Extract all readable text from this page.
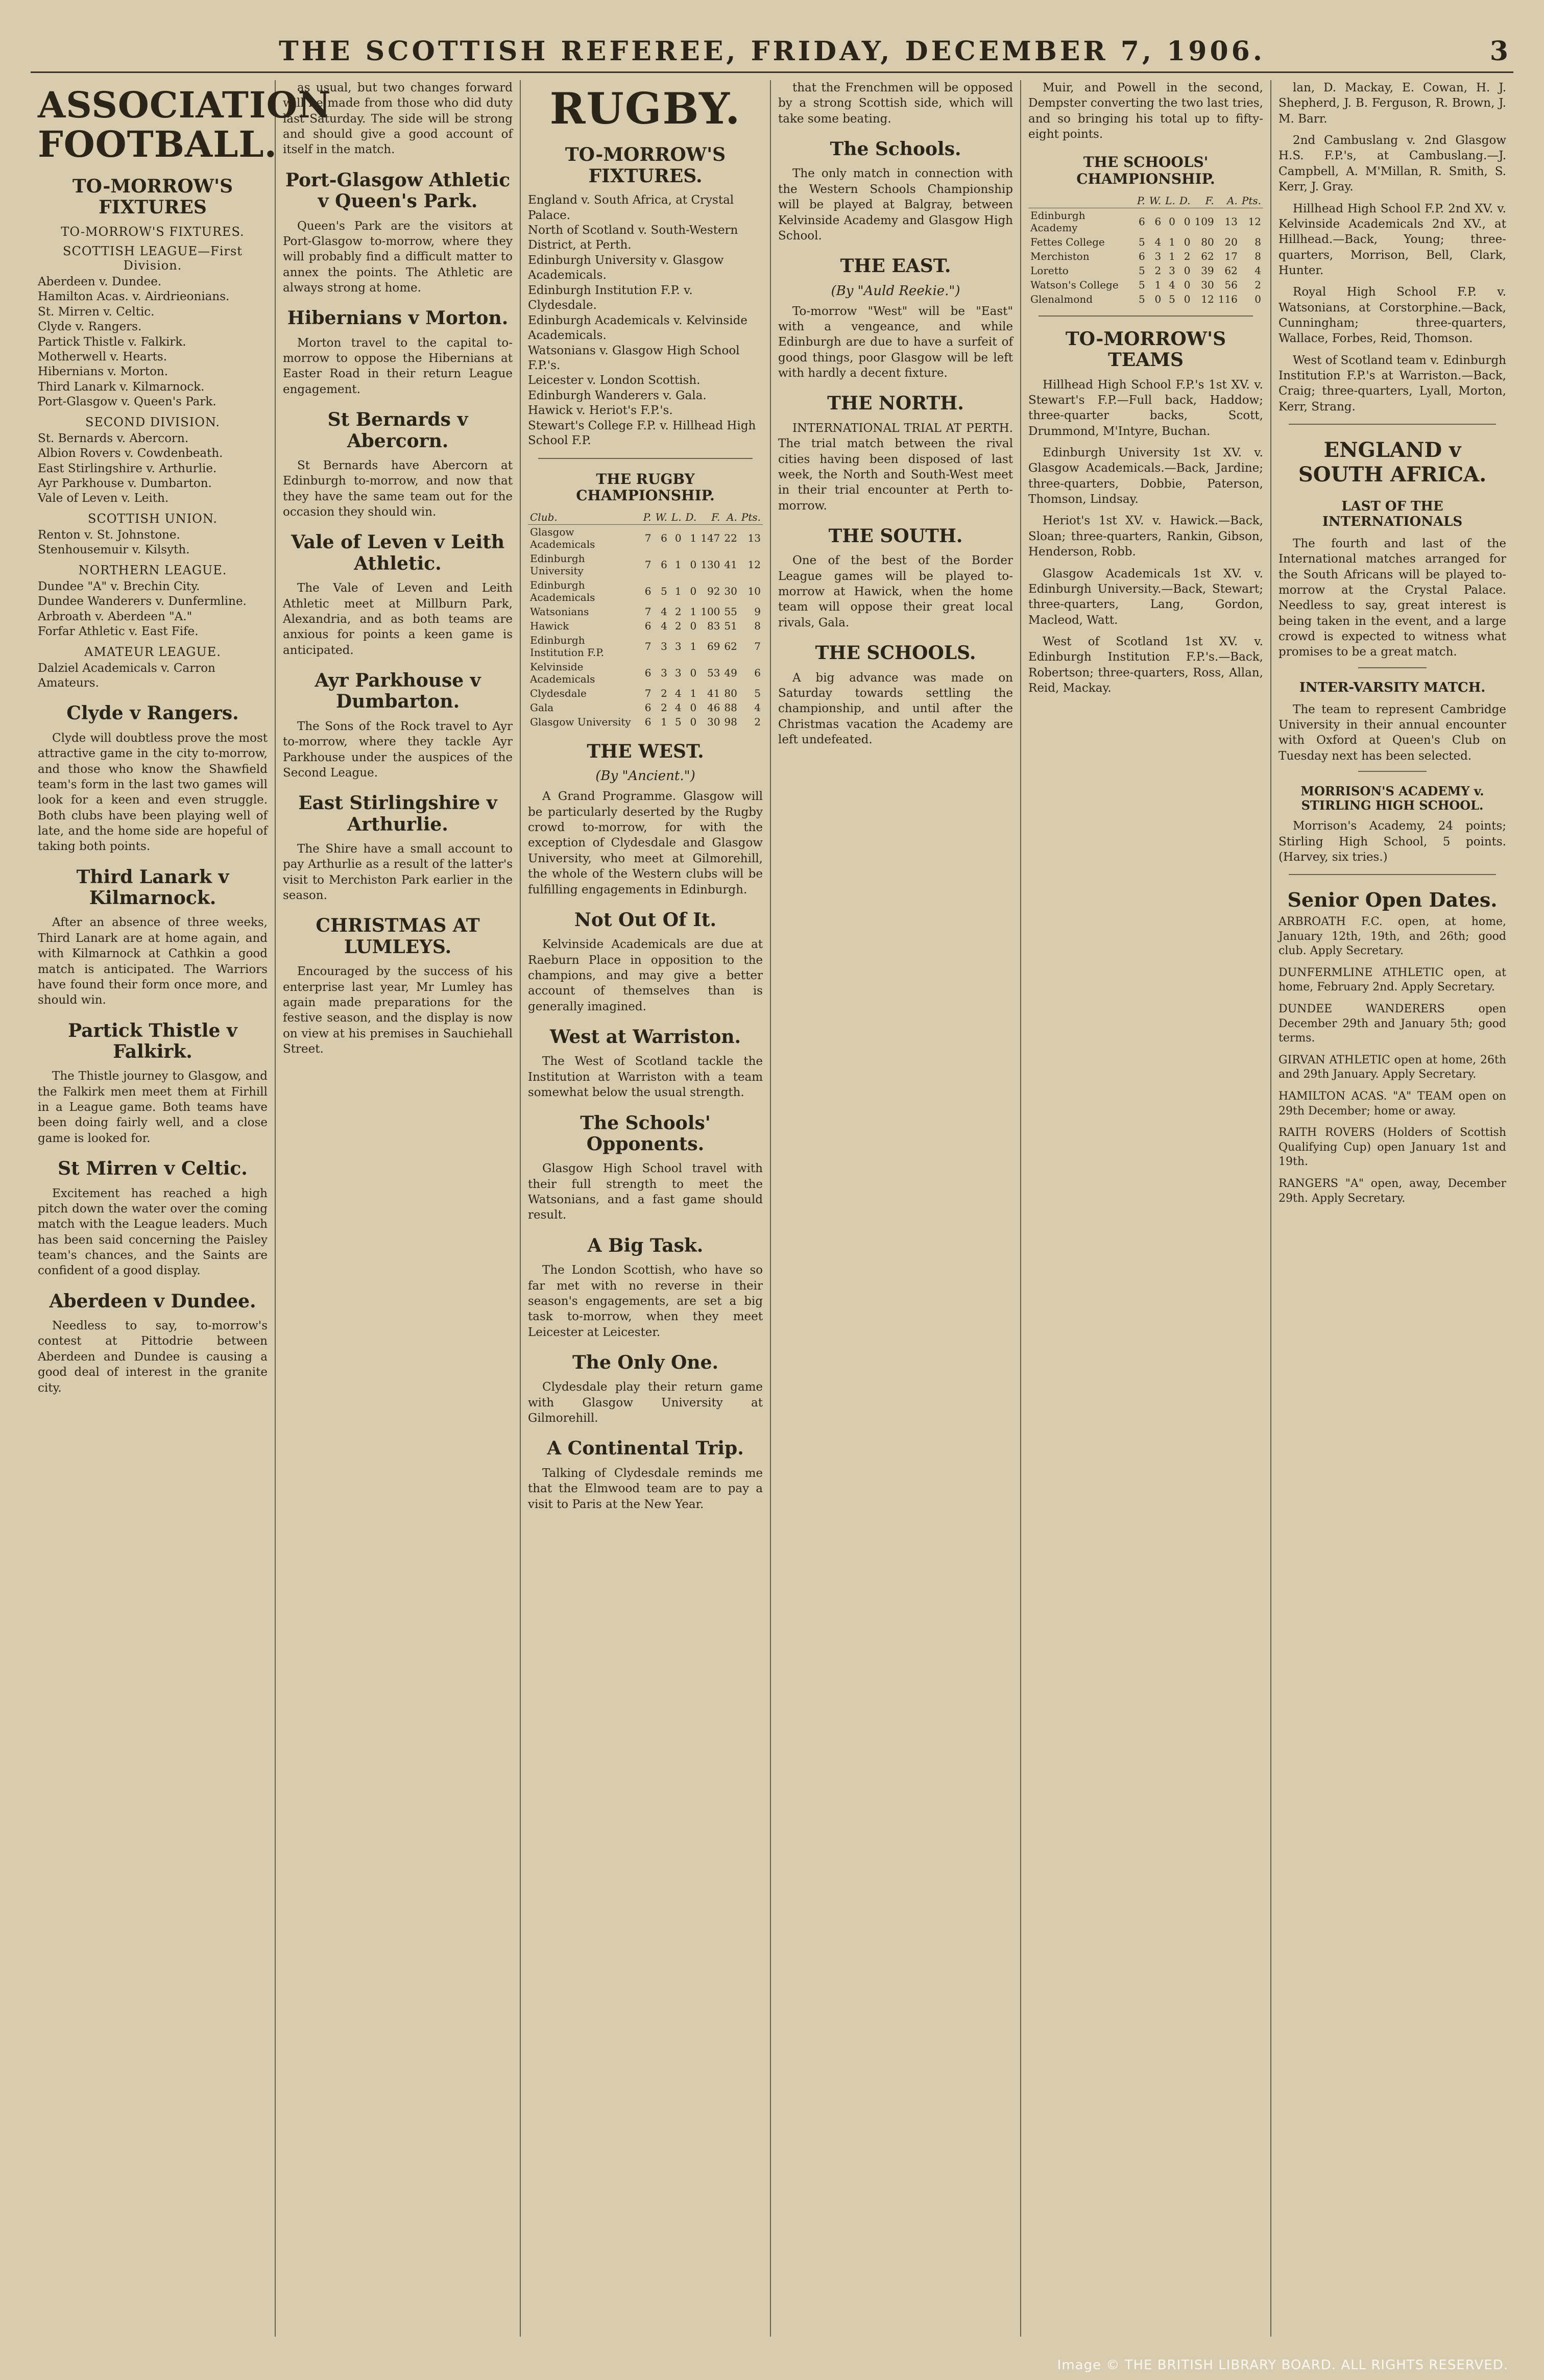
THE SCOTTISH REFEREE, FRIDAY, DECEMBER 7, 1906.	3
ASSOCIATION FOOTBALL.
TO-MORROW'S FIXTURES
TO-MORROW'S FIXTURES.
SCOTTISH LEAGUE—First Division.
Aberdeen v. Dundee.
Hamilton Acas. v. Airdrieonians.
St. Mirren v. Celtic.
Clyde v. Rangers.
Partick Thistle v. Falkirk.
Motherwell v. Hearts.
Hibernians v. Morton.
Third Lanark v. Kilmarnock.
Port-Glasgow v. Queen's Park.
SECOND DIVISION.
St. Bernards v. Abercorn.
Albion Rovers v. Cowdenbeath.
East Stirlingshire v. Arthurlie.
Ayr Parkhouse v. Dumbarton.
Vale of Leven v. Leith.
SCOTTISH UNION.
Renton v. St. Johnstone.
Stenhousemuir v. Kilsyth.
NORTHERN LEAGUE.
Dundee "A" v. Brechin City.
Dundee Wanderers v. Dunfermline.
Arbroath v. Aberdeen "A."
Forfar Athletic v. East Fife.
AMATEUR LEAGUE.
Dalziel Academicals v. Carron Amateurs.
Clyde v Rangers.

Clyde will doubtless prove the most attractive game in the city to-morrow, and those who know the Shawfield team's form in the last two games will look for a keen and even struggle. Both clubs have been playing well of late, and the home side are hopeful of taking both points.

Third Lanark v Kilmarnock.

After an absence of three weeks, Third Lanark are at home again, and with Kilmarnock at Cathkin a good match is anticipated. The Warriors have found their form once more, and should win.

Partick Thistle v Falkirk.

The Thistle journey to Glasgow, and the Falkirk men meet them at Firhill in a League game. Both teams have been doing fairly well, and a close game is looked for.

St Mirren v Celtic.

Excitement has reached a high pitch down the water over the coming match with the League leaders. Much has been said concerning the Paisley team's chances, and the Saints are confident of a good display.

Aberdeen v Dundee.

Needless to say, to-morrow's contest at Pittodrie between Aberdeen and Dundee is causing a good deal of interest in the granite city.

as usual, but two changes forward will be made from those who did duty last Saturday. The side will be strong and should give a good account of itself in the match.

Port-Glasgow Athletic v Queen's Park.

Queen's Park are the visitors at Port-Glasgow to-morrow, where they will probably find a difficult matter to annex the points. The Athletic are always strong at home.

Hibernians v Morton.

Morton travel to the capital to-morrow to oppose the Hibernians at Easter Road in their return League engagement.

St Bernards v Abercorn.

St Bernards have Abercorn at Edinburgh to-morrow, and now that they have the same team out for the occasion they should win.

Vale of Leven v Leith Athletic.

The Vale of Leven and Leith Athletic meet at Millburn Park, Alexandria, and as both teams are anxious for points a keen game is anticipated.

Ayr Parkhouse v Dumbarton.

The Sons of the Rock travel to Ayr to-morrow, where they tackle Ayr Parkhouse under the auspices of the Second League.

East Stirlingshire v Arthurlie.

The Shire have a small account to pay Arthurlie as a result of the latter's visit to Merchiston Park earlier in the season.

CHRISTMAS AT LUMLEYS.

Encouraged by the success of his enterprise last year, Mr Lumley has again made preparations for the festive season, and the display is now on view at his premises in Sauchiehall Street.

RUGBY.
TO-MORROW'S FIXTURES.
England v. South Africa, at Crystal Palace.
North of Scotland v. South-Western District, at Perth.
Edinburgh University v. Glasgow Academicals.
Edinburgh Institution F.P. v. Clydesdale.
Edinburgh Academicals v. Kelvinside Academicals.
Watsonians v. Glasgow High School F.P.'s.
Leicester v. London Scottish.
Edinburgh Wanderers v. Gala.
Hawick v. Heriot's F.P.'s.
Stewart's College F.P. v. Hillhead High School F.P.
THE RUGBY CHAMPIONSHIP.
Club.	P.	W.	L.	D.	F.	A.	Pts.
Glasgow Academicals	7	6	0	1	147	22	13
Edinburgh University	7	6	1	0	130	41	12
Edinburgh Academicals	6	5	1	0	92	30	10
Watsonians	7	4	2	1	100	55	9
Hawick	6	4	2	0	83	51	8
Edinburgh Institution F.P.	7	3	3	1	69	62	7
Kelvinside Academicals	6	3	3	0	53	49	6
Clydesdale	7	2	4	1	41	80	5
Gala	6	2	4	0	46	88	4
Glasgow University	6	1	5	0	30	98	2
THE WEST.
(By "Ancient.")

A Grand Programme. Glasgow will be particularly deserted by the Rugby crowd to-morrow, for with the exception of Clydesdale and Glasgow University, who meet at Gilmorehill, the whole of the Western clubs will be fulfilling engagements in Edinburgh.

Not Out Of It.

Kelvinside Academicals are due at Raeburn Place in opposition to the champions, and may give a better account of themselves than is generally imagined.

West at Warriston.

The West of Scotland tackle the Institution at Warriston with a team somewhat below the usual strength.

The Schools' Opponents.

Glasgow High School travel with their full strength to meet the Watsonians, and a fast game should result.

A Big Task.

The London Scottish, who have so far met with no reverse in their season's engagements, are set a big task to-morrow, when they meet Leicester at Leicester.

The Only One.

Clydesdale play their return game with Glasgow University at Gilmorehill.

A Continental Trip.

Talking of Clydesdale reminds me that the Elmwood team are to pay a visit to Paris at the New Year.

that the Frenchmen will be opposed by a strong Scottish side, which will take some beating.

The Schools.

The only match in connection with the Western Schools Championship will be played at Balgray, between Kelvinside Academy and Glasgow High School.

THE EAST.
(By "Auld Reekie.")

To-morrow "West" will be "East" with a vengeance, and while Edinburgh are due to have a surfeit of good things, poor Glasgow will be left with hardly a decent fixture.

THE NORTH.

INTERNATIONAL TRIAL AT PERTH. The trial match between the rival cities having been disposed of last week, the North and South-West meet in their trial encounter at Perth to-morrow.

THE SOUTH.

One of the best of the Border League games will be played to-morrow at Hawick, when the home team will oppose their great local rivals, Gala.

THE SCHOOLS.

A big advance was made on Saturday towards settling the championship, and until after the Christmas vacation the Academy are left undefeated.

Muir, and Powell in the second, Dempster converting the two last tries, and so bringing his total up to fifty-eight points.

THE SCHOOLS' CHAMPIONSHIP.
	P.	W.	L.	D.	F.	A.	Pts.
Edinburgh Academy	6	6	0	0	109	13	12
Fettes College	5	4	1	0	80	20	8
Merchiston	6	3	1	2	62	17	8
Loretto	5	2	3	0	39	62	4
Watson's College	5	1	4	0	30	56	2
Glenalmond	5	0	5	0	12	116	0
TO-MORROW'S TEAMS

Hillhead High School F.P.'s 1st XV. v. Stewart's F.P.—Full back, Haddow; three-quarter backs, Scott, Drummond, M'Intyre, Buchan.

Edinburgh University 1st XV. v. Glasgow Academicals.—Back, Jardine; three-quarters, Dobbie, Paterson, Thomson, Lindsay.

Heriot's 1st XV. v. Hawick.—Back, Sloan; three-quarters, Rankin, Gibson, Henderson, Robb.

Glasgow Academicals 1st XV. v. Edinburgh University.—Back, Stewart; three-quarters, Lang, Gordon, Macleod, Watt.

West of Scotland 1st XV. v. Edinburgh Institution F.P.'s.—Back, Robertson; three-quarters, Ross, Allan, Reid, Mackay.

lan, D. Mackay, E. Cowan, H. J. Shepherd, J. B. Ferguson, R. Brown, J. M. Barr.

2nd Cambuslang v. 2nd Glasgow H.S. F.P.'s, at Cambuslang.—J. Campbell, A. M'Millan, R. Smith, S. Kerr, J. Gray.

Hillhead High School F.P. 2nd XV. v. Kelvinside Academicals 2nd XV., at Hillhead.—Back, Young; three-quarters, Morrison, Bell, Clark, Hunter.

Royal High School F.P. v. Watsonians, at Corstorphine.—Back, Cunningham; three-quarters, Wallace, Forbes, Reid, Thomson.

West of Scotland team v. Edinburgh Institution F.P.'s at Warriston.—Back, Craig; three-quarters, Lyall, Morton, Kerr, Strang.

ENGLAND v SOUTH AFRICA.
LAST OF THE INTERNATIONALS

The fourth and last of the International matches arranged for the South Africans will be played to-morrow at the Crystal Palace. Needless to say, great interest is being taken in the event, and a large crowd is expected to witness what promises to be a great match.

INTER-VARSITY MATCH.

The team to represent Cambridge University in their annual encounter with Oxford at Queen's Club on Tuesday next has been selected.

MORRISON'S ACADEMY v. STIRLING HIGH SCHOOL.

Morrison's Academy, 24 points; Stirling High School, 5 points. (Harvey, six tries.)

Senior Open Dates.

ARBROATH F.C. open, at home, January 12th, 19th, and 26th; good club. Apply Secretary.

DUNFERMLINE ATHLETIC open, at home, February 2nd. Apply Secretary.

DUNDEE WANDERERS open December 29th and January 5th; good terms.

GIRVAN ATHLETIC open at home, 26th and 29th January. Apply Secretary.

HAMILTON ACAS. "A" TEAM open on 29th December; home or away.

RAITH ROVERS (Holders of Scottish Qualifying Cup) open January 1st and 19th.

RANGERS "A" open, away, December 29th. Apply Secretary.

Image © THE BRITISH LIBRARY BOARD. ALL RIGHTS RESERVED.
